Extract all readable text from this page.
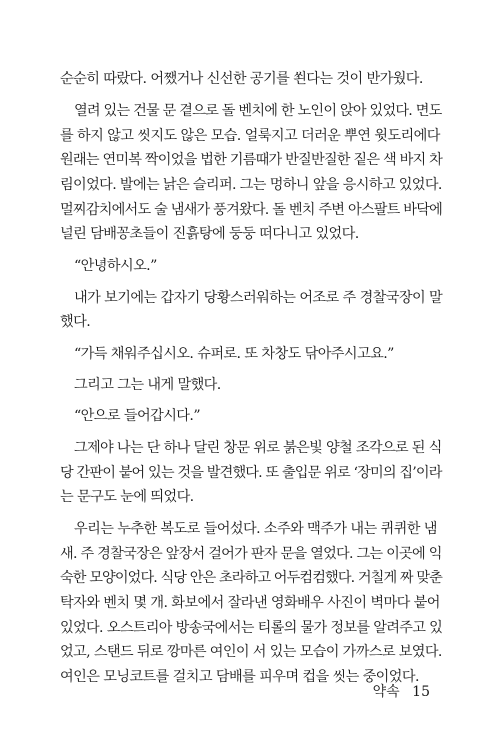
순순히 따랐다. 어쨌거나 신선한 공기를 쐰다는 것이 반가웠다.
열려 있는 건물 문 곁으로 돌 벤치에 한 노인이 앉아 있었다. 면도
를 하지 않고 씻지도 않은 모습. 얼룩지고 더러운 뿌연 윗도리에다
원래는 연미복 짝이었을 법한 기름때가 반질반질한 짙은 색 바지 차
림이었다. 발에는 낡은 슬리퍼. 그는 멍하니 앞을 응시하고 있었다.
멀찌감치에서도 술 냄새가 풍겨왔다. 돌 벤치 주변 아스팔트 바닥에
널린 담배꽁초들이 진흙탕에 둥둥 떠다니고 있었다.
“안녕하시오.”
내가 보기에는 갑자기 당황스러워하는 어조로 주 경찰국장이 말
했다.
“가득 채워주십시오. 슈퍼로. 또 차창도 닦아주시고요.”
그리고 그는 내게 말했다.
“안으로 들어갑시다.”
그제야 나는 단 하나 달린 창문 위로 붉은빛 양철 조각으로 된 식
당 간판이 붙어 있는 것을 발견했다. 또 출입문 위로 ‘장미의 집’이라
는 문구도 눈에 띄었다.
우리는 누추한 복도로 들어섰다. 소주와 맥주가 내는 퀴퀴한 냄
새. 주 경찰국장은 앞장서 걸어가 판자 문을 열었다. 그는 이곳에 익
숙한 모양이었다. 식당 안은 초라하고 어두컴컴했다. 거칠게 짜 맞춘
탁자와 벤치 몇 개. 화보에서 잘라낸 영화배우 사진이 벽마다 붙어
있었다. 오스트리아 방송국에서는 티롤의 물가 정보를 알려주고 있
었고, 스탠드 뒤로 깡마른 여인이 서 있는 모습이 가까스로 보였다.
여인은 모닝코트를 걸치고 담배를 피우며 컵을 씻는 중이었다.
약속 15
